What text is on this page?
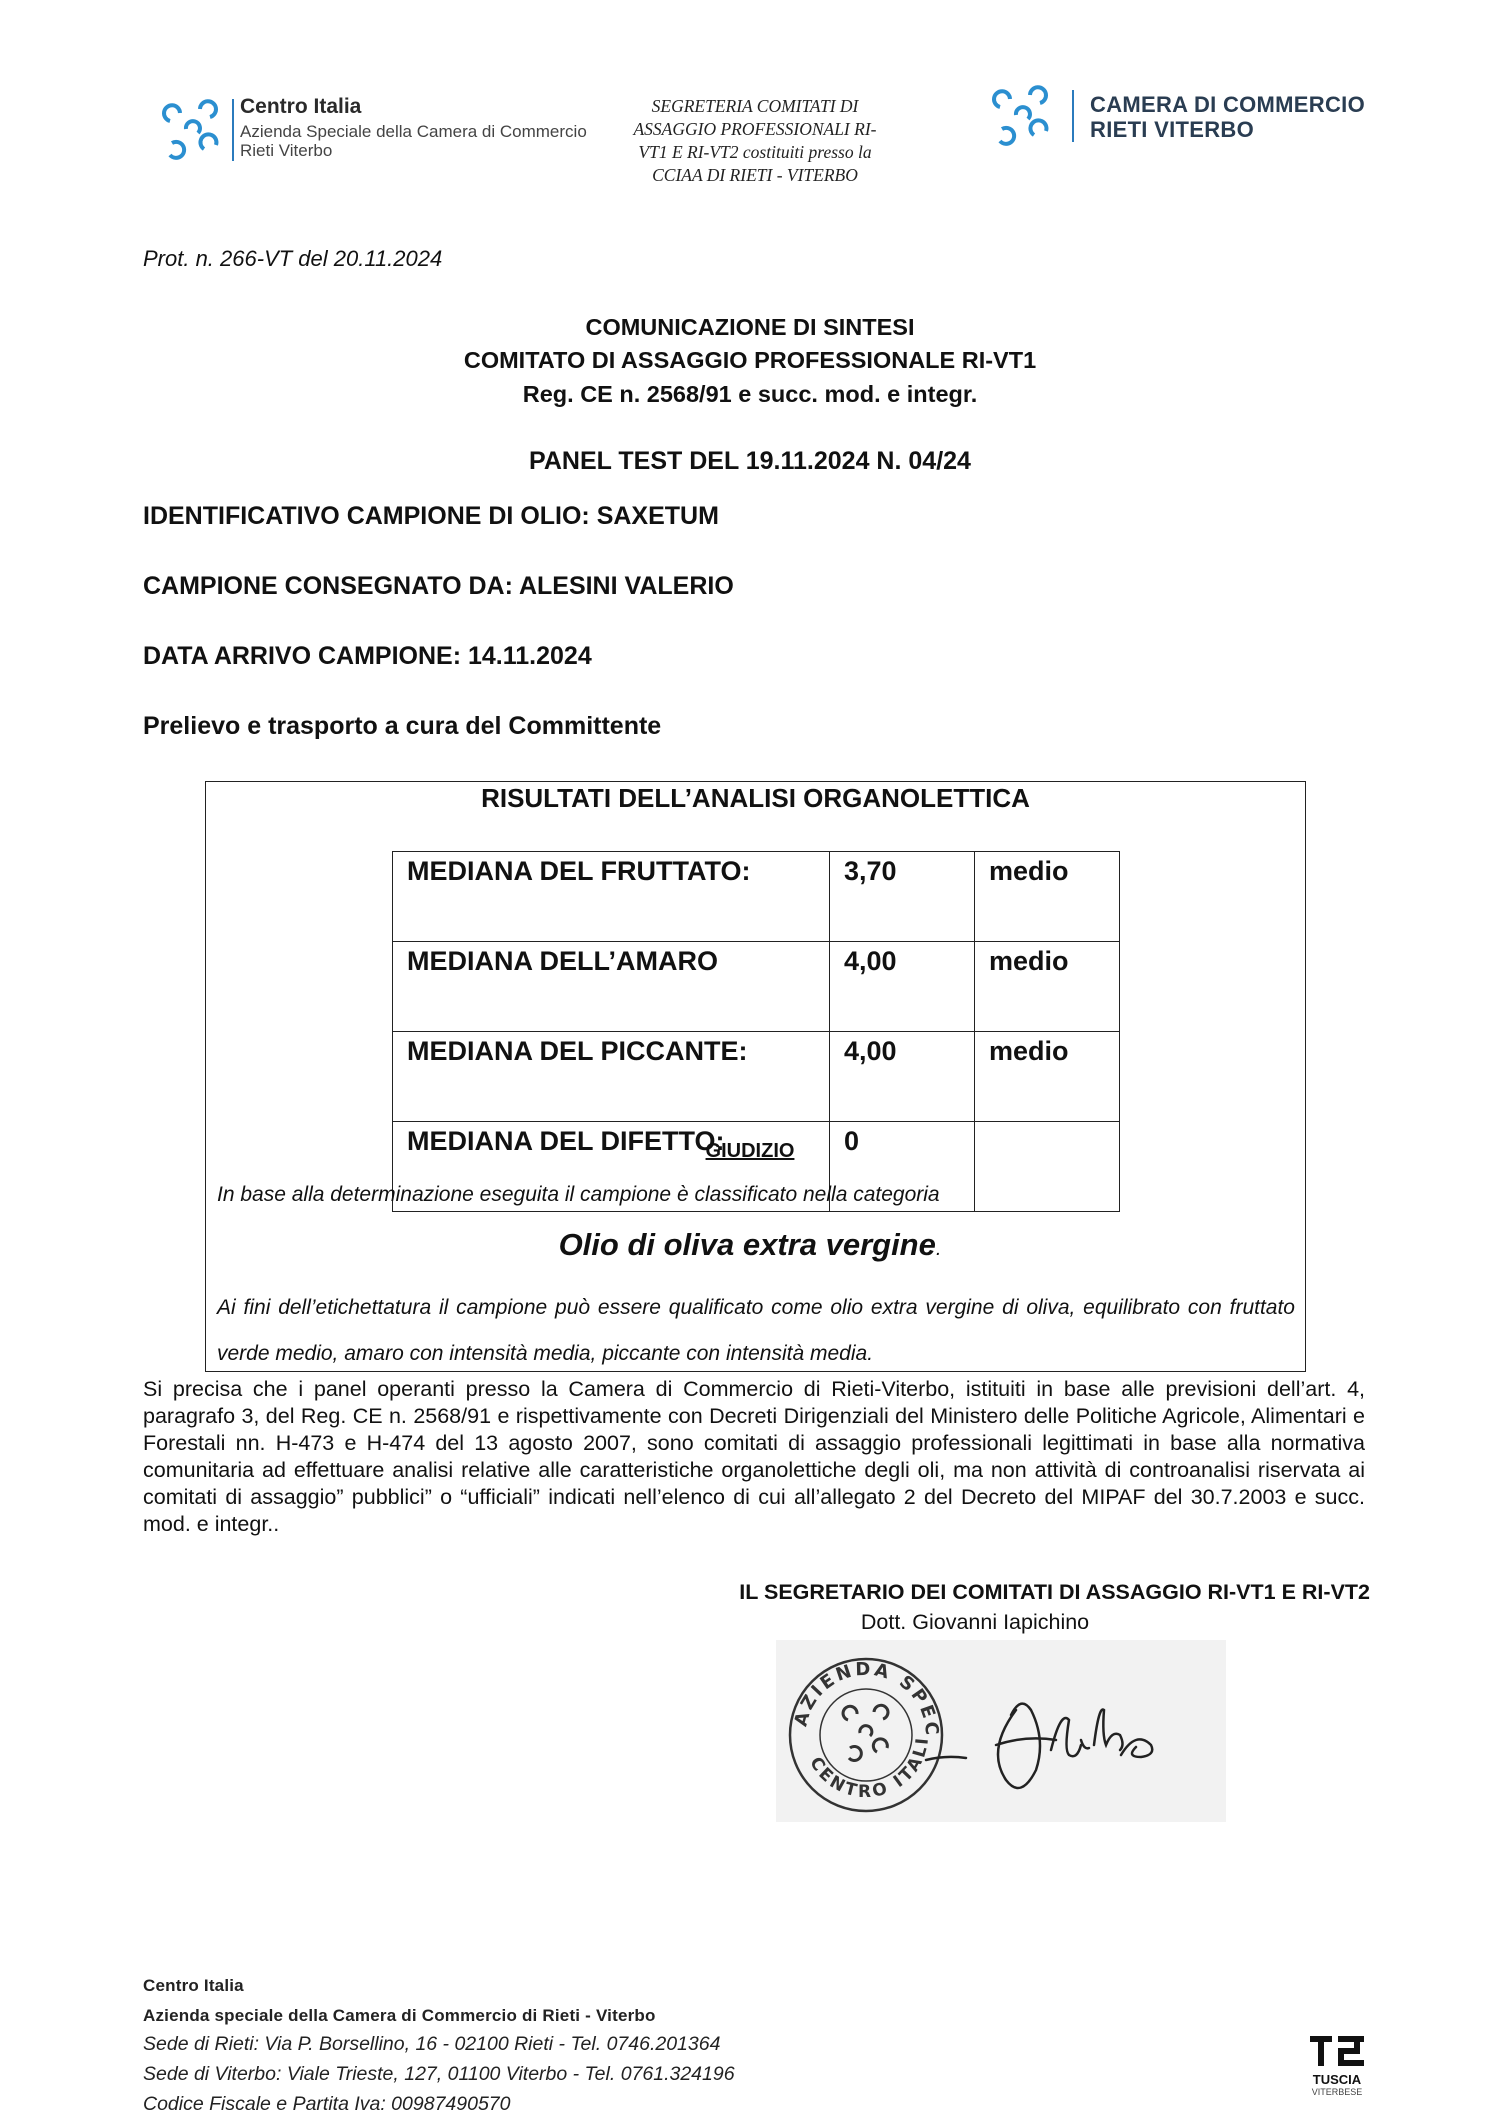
Centro Italia
Azienda Speciale della Camera di Commercio
Rieti Viterbo
SEGRETERIA COMITATI DI
ASSAGGIO PROFESSIONALI RI-
VT1 E RI-VT2 costituiti presso la
CCIAA DI RIETI - VITERBO
CAMERA DI COMMERCIO
RIETI VITERBO
Prot. n. 266-VT del 20.11.2024
COMUNICAZIONE DI SINTESI
COMITATO DI ASSAGGIO PROFESSIONALE RI-VT1
Reg. CE n. 2568/91 e succ. mod. e integr.
PANEL TEST DEL 19.11.2024 N. 04/24
IDENTIFICATIVO CAMPIONE DI OLIO: SAXETUM
CAMPIONE CONSEGNATO DA: ALESINI VALERIO
DATA ARRIVO CAMPIONE: 14.11.2024
Prelievo e trasporto a cura del Committente
RISULTATI DELL’ANALISI ORGANOLETTICA
MEDIANA DEL FRUTTATO:	3,70	medio
MEDIANA DELL’AMARO	4,00	medio
MEDIANA DEL PICCANTE:	4,00	medio
MEDIANA DEL DIFETTO:	0	
GIUDIZIO
In base alla determinazione eseguita il campione è classificato nella categoria
Olio di oliva extra vergine.
Ai fini dell’etichettatura il campione può essere qualificato come olio extra vergine di oliva, equilibrato con fruttato verde medio, amaro con intensità media, piccante con intensità media.
Si precisa che i panel operanti presso la Camera di Commercio di Rieti-Viterbo, istituiti in base alle previsioni dell’art. 4, paragrafo 3, del Reg. CE n. 2568/91 e rispettivamente con Decreti Dirigenziali del Ministero delle Politiche Agricole, Alimentari e Forestali nn. H-473 e H-474 del 13 agosto 2007, sono comitati di assaggio professionali legittimati in base alla normativa comunitaria ad effettuare analisi relative alle caratteristiche organolettiche degli oli, ma non attività di controanalisi riservata ai comitati di assaggio” pubblici” o “ufficiali” indicati nell’elenco di cui all’allegato 2 del Decreto del MIPAF del 30.7.2003 e succ. mod. e integr..
IL SEGRETARIO DEI COMITATI DI ASSAGGIO RI-VT1 E RI-VT2
Dott. Giovanni Iapichino
AZIENDA SPEC
CENTRO ITALI
Centro Italia
Azienda speciale della Camera di Commercio di Rieti - Viterbo
Sede di Rieti: Via P. Borsellino, 16 - 02100 Rieti - Tel. 0746.201364
Sede di Viterbo: Viale Trieste, 127, 01100 Viterbo - Tel. 0761.324196
Codice Fiscale e Partita Iva: 00987490570
TUSCIA
VITERBESE
